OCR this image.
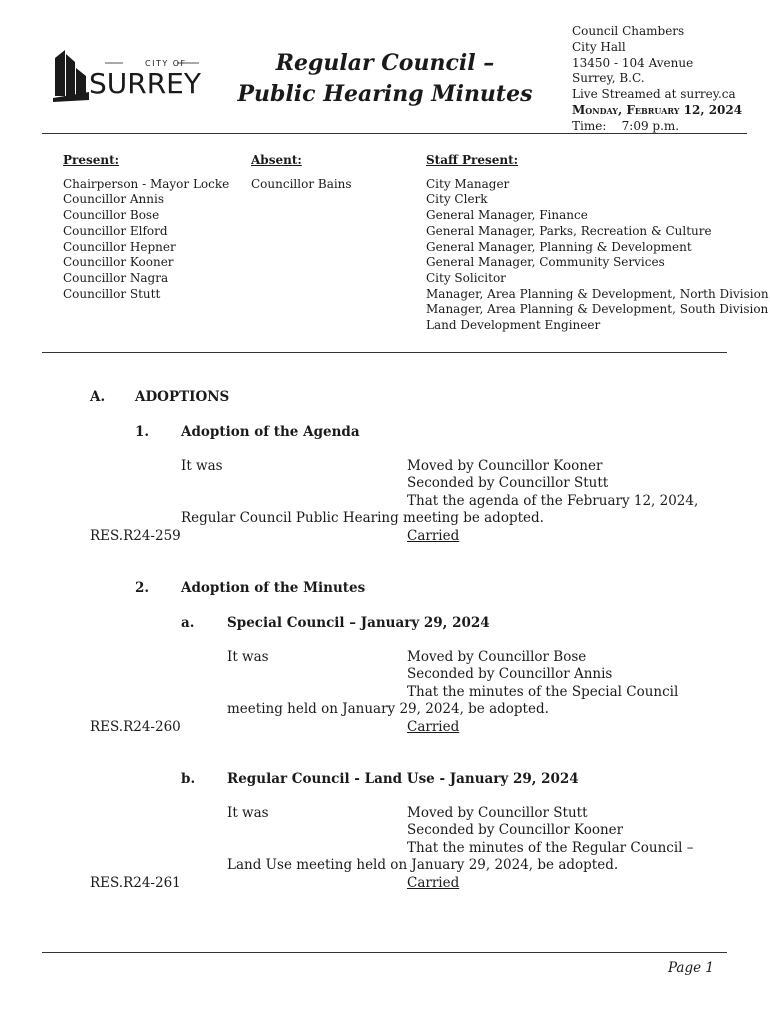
CITY OF
SURREY
Regular Council –
Public Hearing Minutes
Council Chambers
City Hall
13450 - 104 Avenue
Surrey, B.C.
Live Streamed at surrey.ca
Monday, February 12, 2024
Time: 7:09 p.m.
Present:
Chairperson - Mayor Locke
Councillor Annis
Councillor Bose
Councillor Elford
Councillor Hepner
Councillor Kooner
Councillor Nagra
Councillor Stutt
Absent:
Councillor Bains
Staff Present:
City Manager
City Clerk
General Manager, Finance
General Manager, Parks, Recreation & Culture
General Manager, Planning & Development
General Manager, Community Services
City Solicitor
Manager, Area Planning & Development, North Division
Manager, Area Planning & Development, South Division
Land Development Engineer
A. ADOPTIONS
1. Adoption of the Agenda
It was	Moved by Councillor Kooner
Seconded by Councillor Stutt
That the agenda of the February 12, 2024,
Regular Council Public Hearing meeting be adopted.
RES.R24-259	Carried
2. Adoption of the Minutes
a. Special Council – January 29, 2024
It was	Moved by Councillor Bose
Seconded by Councillor Annis
That the minutes of the Special Council
meeting held on January 29, 2024, be adopted.
RES.R24-260	Carried
b. Regular Council - Land Use - January 29, 2024
It was	Moved by Councillor Stutt
Seconded by Councillor Kooner
That the minutes of the Regular Council –
Land Use meeting held on January 29, 2024, be adopted.
RES.R24-261	Carried
Page 1
